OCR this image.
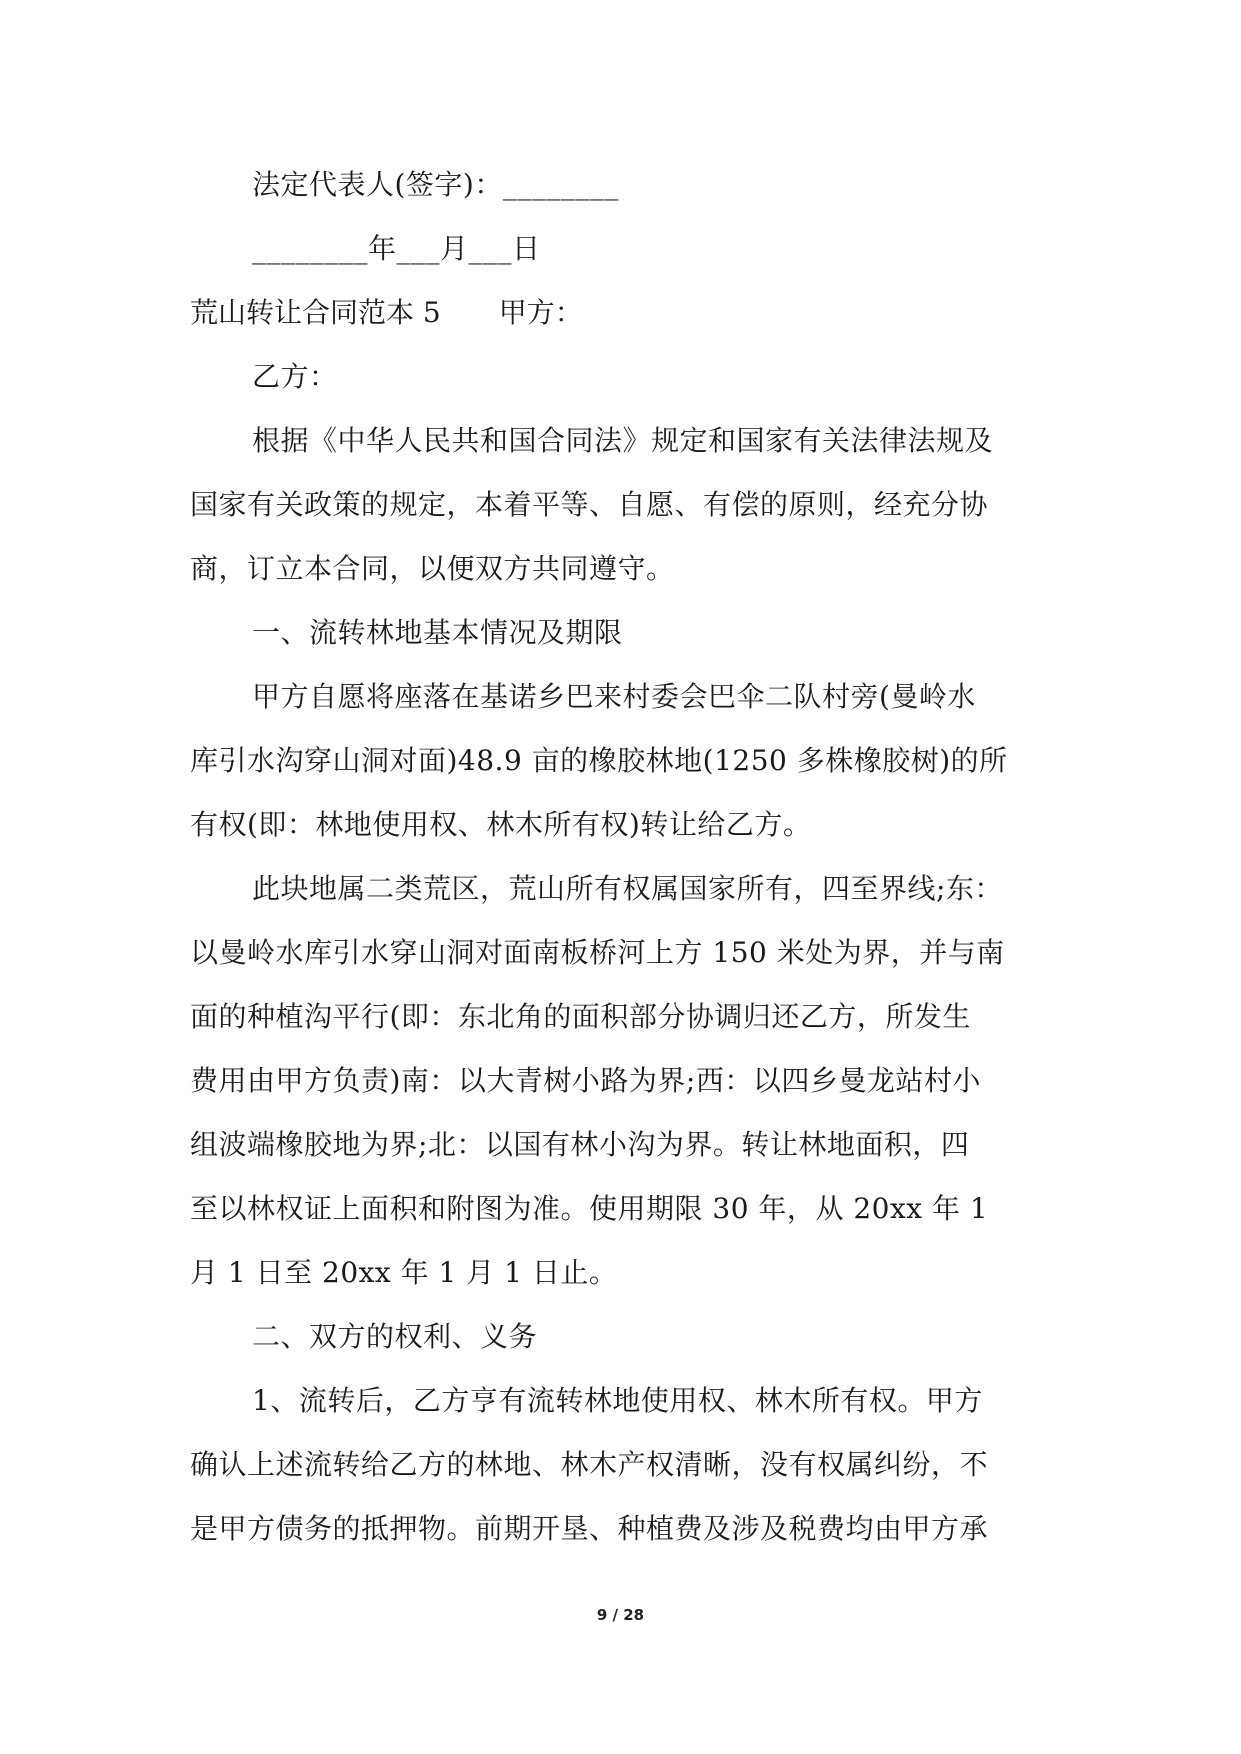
法定代表人(签字)：________
________年___月___日
荒山转让合同范本 5 甲方：
乙方：
根据《中华人民共和国合同法》规定和国家有关法律法规及
国家有关政策的规定，本着平等、自愿、有偿的原则，经充分协
商，订立本合同，以便双方共同遵守。
一、流转林地基本情况及期限
甲方自愿将座落在基诺乡巴来村委会巴伞二队村旁(曼岭水
库引水沟穿山洞对面)48.9 亩的橡胶林地(1250 多株橡胶树)的所
有权(即：林地使用权、林木所有权)转让给乙方。
此块地属二类荒区，荒山所有权属国家所有，四至界线;东：
以曼岭水库引水穿山洞对面南板桥河上方 150 米处为界，并与南
面的种植沟平行(即：东北角的面积部分协调归还乙方，所发生
费用由甲方负责)南：以大青树小路为界;西：以四乡曼龙站村小
组波端橡胶地为界;北：以国有林小沟为界。转让林地面积，四
至以林权证上面积和附图为准。使用期限 30 年，从 20xx 年 1
月 1 日至 20xx 年 1 月 1 日止。
二、双方的权利、义务
1、流转后，乙方亨有流转林地使用权、林木所有权。甲方
确认上述流转给乙方的林地、林木产权清晰，没有权属纠纷，不
是甲方债务的抵押物。前期开垦、种植费及涉及税费均由甲方承
9 / 28
